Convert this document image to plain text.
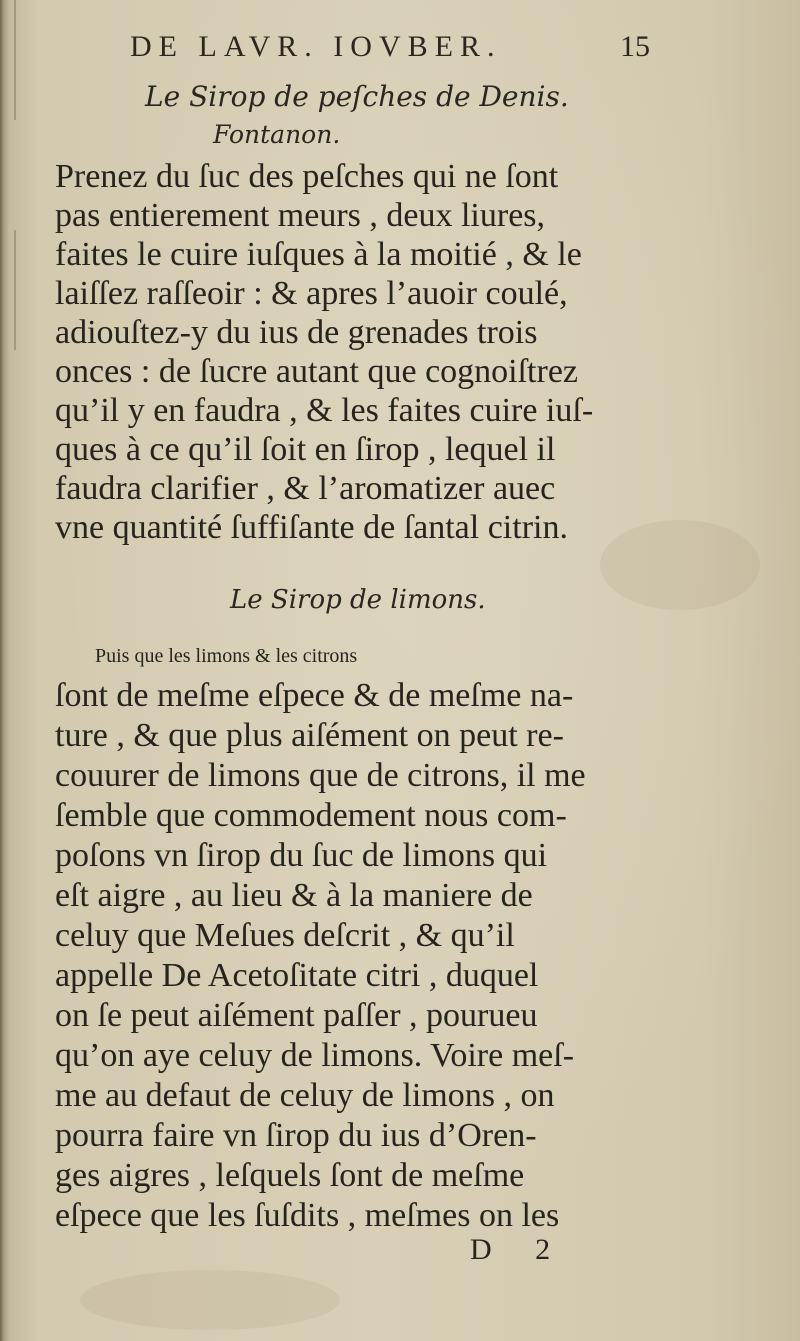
DE LAVR. IOVBER.	15
Le Sirop de peſches de Denis.
Fontanon.
Prenez du ſuc des peſches qui ne ſont
pas entierement meurs , deux liures,
faites le cuire iuſques à la moitié , & le
laiſſez raſſeoir : & apres l’auoir coulé,
adiouſtez-y du ius de grenades trois
onces : de ſucre autant que cognoiſtrez
qu’il y en faudra , & les faites cuire iuſ-
ques à ce qu’il ſoit en ſirop , lequel il
faudra clarifier , & l’aromatizer auec
vne quantité ſuffiſante de ſantal citrin.
Le Sirop de limons.
Puis que les limons & les citrons
ſont de meſme eſpece & de meſme na-
ture , & que plus aiſément on peut re-
couurer de limons que de citrons, il me
ſemble que commodement nous com-
poſons vn ſirop du ſuc de limons qui
eſt aigre , au lieu & à la maniere de
celuy que Meſues deſcrit , & qu’il
appelle De Acetoſitate citri , duquel
on ſe peut aiſément paſſer , pourueu
qu’on aye celuy de limons. Voire meſ-
me au defaut de celuy de limons , on
pourra faire vn ſirop du ius d’Oren-
ges aigres , leſquels ſont de meſme
eſpece que les ſuſdits , meſmes on les
D 2
